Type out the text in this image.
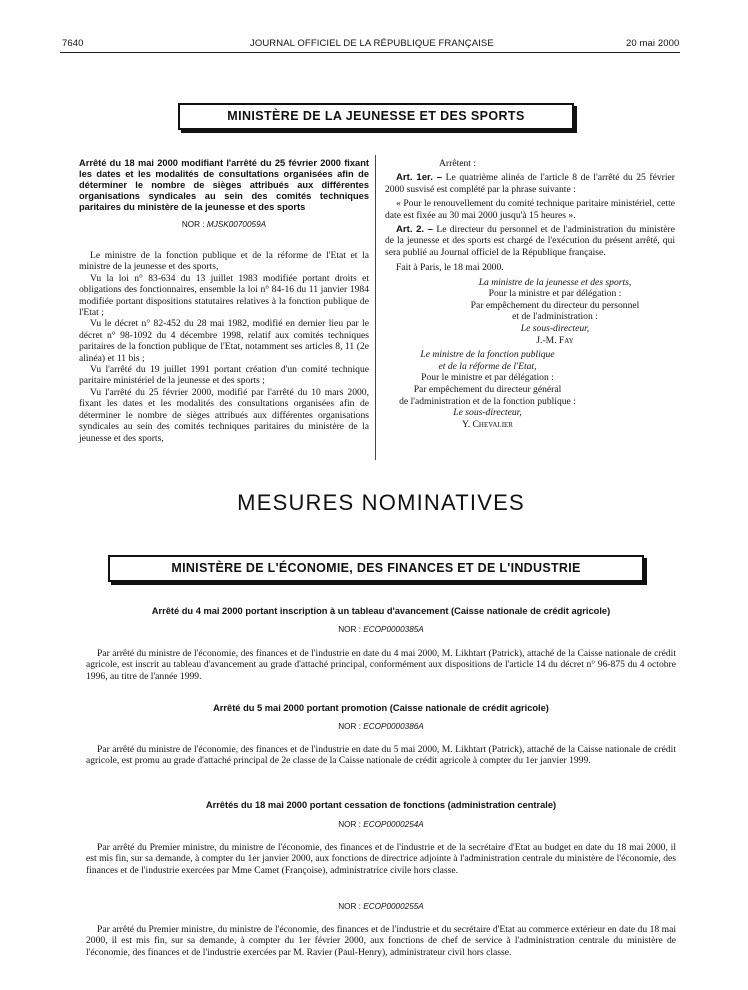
7640	JOURNAL OFFICIEL DE LA RÉPUBLIQUE FRANÇAISE	20 mai 2000
MINISTÈRE DE LA JEUNESSE ET DES SPORTS

Arrêté du 18 mai 2000 modifiant l'arrêté du 25 février 2000 fixant les dates et les modalités de consultations organisées afin de déterminer le nombre de sièges attribués aux différentes organisations syndicales au sein des comités techniques paritaires du ministère de la jeunesse et des sports

NOR : MJSK0070059A

Le ministre de la fonction publique et de la réforme de l'Etat et la ministre de la jeunesse et des sports,

Vu la loi n° 83-634 du 13 juillet 1983 modifiée portant droits et obligations des fonctionnaires, ensemble la loi n° 84-16 du 11 janvier 1984 modifiée portant dispositions statutaires relatives à la fonction publique de l'Etat ;

Vu le décret n° 82-452 du 28 mai 1982, modifié en dernier lieu par le décret n° 98-1092 du 4 décembre 1998, relatif aux comités techniques paritaires de la fonction publique de l'Etat, notamment ses articles 8, 11 (2e alinéa) et 11 bis ;

Vu l'arrêté du 19 juillet 1991 portant création d'un comité technique paritaire ministériel de la jeunesse et des sports ;

Vu l'arrêté du 25 février 2000, modifié par l'arrêté du 10 mars 2000, fixant les dates et les modalités des consultations organisées afin de déterminer le nombre de sièges attribués aux différentes organisations syndicales au sein des comités techniques paritaires du ministère de la jeunesse et des sports,

Arrêtent :

Art. 1er. – Le quatrième alinéa de l'article 8 de l'arrêté du 25 février 2000 susvisé est complété par la phrase suivante :

« Pour le renouvellement du comité technique paritaire ministériel, cette date est fixée au 30 mai 2000 jusqu'à 15 heures ».

Art. 2. – Le directeur du personnel et de l'administration du ministère de la jeunesse et des sports est chargé de l'exécution du présent arrêté, qui sera publié au Journal officiel de la République française.

Fait à Paris, le 18 mai 2000.

La ministre de la jeunesse et des sports,

Pour la ministre et par délégation :

Par empêchement du directeur du personnel

et de l'administration :

Le sous-directeur,

J.-M. Fay

Le ministre de la fonction publique

et de la réforme de l'Etat,

Pour le ministre et par délégation :

Par empêchement du directeur général

de l'administration et de la fonction publique :

Le sous-directeur,

Y. Chevalier

MESURES NOMINATIVES
MINISTÈRE DE L'ÉCONOMIE, DES FINANCES ET DE L'INDUSTRIE
Arrêté du 4 mai 2000 portant inscription à un tableau d'avancement (Caisse nationale de crédit agricole)
NOR : ECOP0000385A

Par arrêté du ministre de l'économie, des finances et de l'industrie en date du 4 mai 2000, M. Likhtart (Patrick), attaché de la Caisse nationale de crédit agricole, est inscrit au tableau d'avancement au grade d'attaché principal, conformément aux dispositions de l'article 14 du décret n° 96-875 du 4 octobre 1996, au titre de l'année 1999.

Arrêté du 5 mai 2000 portant promotion (Caisse nationale de crédit agricole)
NOR : ECOP0000386A

Par arrêté du ministre de l'économie, des finances et de l'industrie en date du 5 mai 2000, M. Likhtart (Patrick), attaché de la Caisse nationale de crédit agricole, est promu au grade d'attaché principal de 2e classe de la Caisse nationale de crédit agricole à compter du 1er janvier 1999.

Arrêtés du 18 mai 2000 portant cessation de fonctions (administration centrale)
NOR : ECOP0000254A

Par arrêté du Premier ministre, du ministre de l'économie, des finances et de l'industrie et de la secrétaire d'Etat au budget en date du 18 mai 2000, il est mis fin, sur sa demande, à compter du 1er janvier 2000, aux fonctions de directrice adjointe à l'administration centrale du ministère de l'économie, des finances et de l'industrie exercées par Mme Camet (Françoise), administratrice civile hors classe.

NOR : ECOP0000255A

Par arrêté du Premier ministre, du ministre de l'économie, des finances et de l'industrie et du secrétaire d'Etat au commerce extérieur en date du 18 mai 2000, il est mis fin, sur sa demande, à compter du 1er février 2000, aux fonctions de chef de service à l'administration centrale du ministère de l'économie, des finances et de l'industrie exercées par M. Ravier (Paul-Henry), administrateur civil hors classe.
